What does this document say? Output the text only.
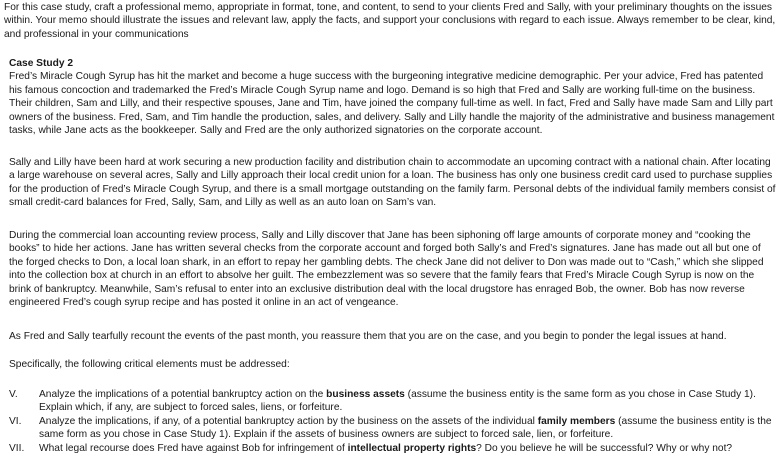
For this case study, craft a professional memo, appropriate in format, tone, and content, to send to your clients Fred and Sally, with your preliminary thoughts on the issues within. Your memo should illustrate the issues and relevant law, apply the facts, and support your conclusions with regard to each issue. Always remember to be clear, kind, and professional in your communications

Case Study 2

Fred’s Miracle Cough Syrup has hit the market and become a huge success with the burgeoning integrative medicine demographic. Per your advice, Fred has patented his famous concoction and trademarked the Fred’s Miracle Cough Syrup name and logo. Demand is so high that Fred and Sally are working full-time on the business. Their children, Sam and Lilly, and their respective spouses, Jane and Tim, have joined the company full-time as well. In fact, Fred and Sally have made Sam and Lilly part owners of the business. Fred, Sam, and Tim handle the production, sales, and delivery. Sally and Lilly handle the majority of the administrative and business management tasks, while Jane acts as the bookkeeper. Sally and Fred are the only authorized signatories on the corporate account.

Sally and Lilly have been hard at work securing a new production facility and distribution chain to accommodate an upcoming contract with a national chain. After locating a large warehouse on several acres, Sally and Lilly approach their local credit union for a loan. The business has only one business credit card used to purchase supplies for the production of Fred’s Miracle Cough Syrup, and there is a small mortgage outstanding on the family farm. Personal debts of the individual family members consist of small credit-card balances for Fred, Sally, Sam, and Lilly as well as an auto loan on Sam’s van.

During the commercial loan accounting review process, Sally and Lilly discover that Jane has been siphoning off large amounts of corporate money and “cooking the books” to hide her actions. Jane has written several checks from the corporate account and forged both Sally’s and Fred’s signatures. Jane has made out all but one of the forged checks to Don, a local loan shark, in an effort to repay her gambling debts. The check Jane did not deliver to Don was made out to “Cash,” which she slipped into the collection box at church in an effort to absolve her guilt. The embezzlement was so severe that the family fears that Fred’s Miracle Cough Syrup is now on the brink of bankruptcy. Meanwhile, Sam’s refusal to enter into an exclusive distribution deal with the local drugstore has enraged Bob, the owner. Bob has now reverse engineered Fred’s cough syrup recipe and has posted it online in an act of vengeance.

As Fred and Sally tearfully recount the events of the past month, you reassure them that you are on the case, and you begin to ponder the legal issues at hand.

Specifically, the following critical elements must be addressed:

V.	Analyze the implications of a potential bankruptcy action on the business assets (assume the business entity is the same form as you chose in Case Study 1). Explain which, if any, are subject to forced sales, liens, or forfeiture.
VI.	Analyze the implications, if any, of a potential bankruptcy action by the business on the assets of the individual family members (assume the business entity is the same form as you chose in Case Study 1). Explain if the assets of business owners are subject to forced sale, lien, or forfeiture.
VII.	What legal recourse does Fred have against Bob for infringement of intellectual property rights? Do you believe he will be successful? Why or why not?
